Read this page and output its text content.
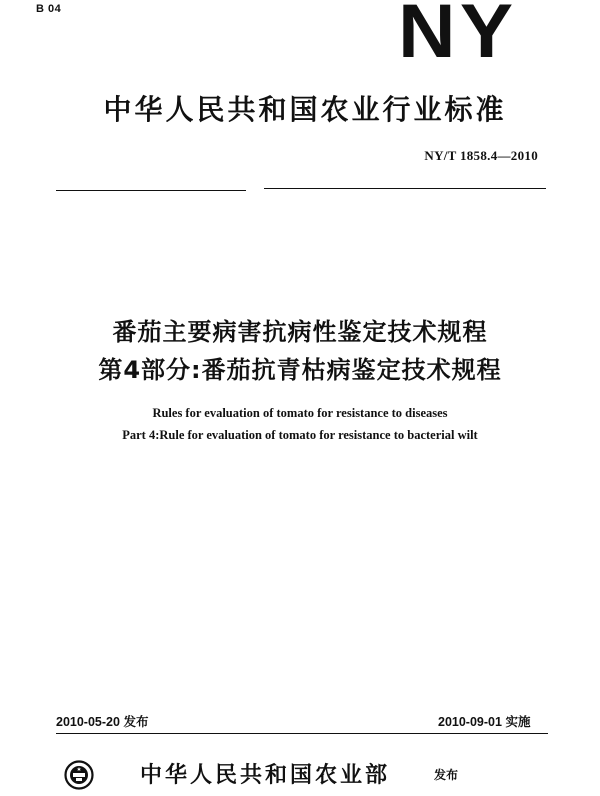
B 04	NY
中华人民共和国农业行业标准
NY/T 1858.4—2010
番茄主要病害抗病性鉴定技术规程
第4部分:番茄抗青枯病鉴定技术规程
Rules for evaluation of tomato for resistance to diseases
Part 4:Rule for evaluation of tomato for resistance to bacterial wilt
2010-05-20 发布	2010-09-01 实施
中华人民共和国农业部	发布
